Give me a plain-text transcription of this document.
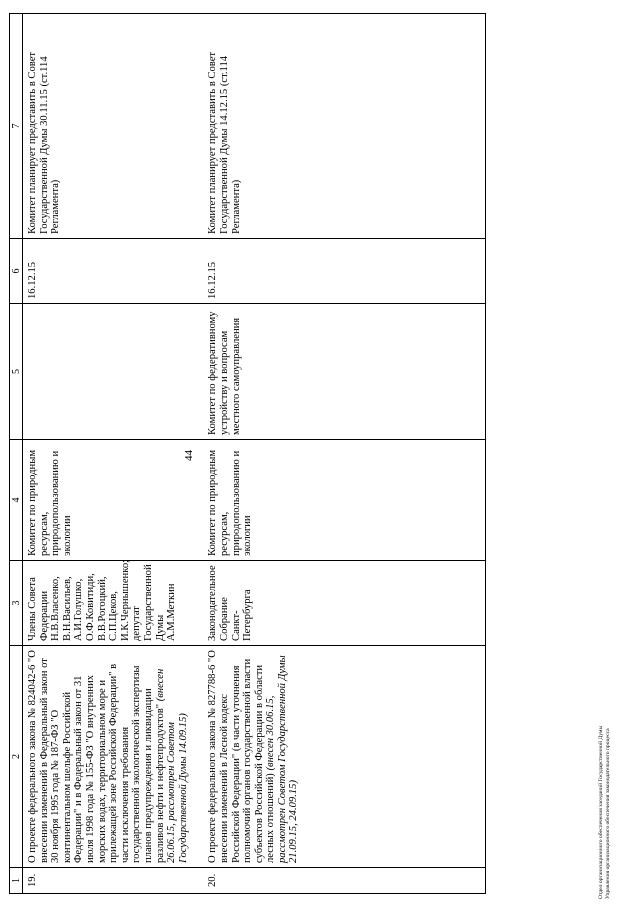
44
1	2	3	4	5	6	7
19.	О проекте федерального закона № 824042-6 "О внесении изменений в Федеральный закон от 30 ноября 1995 года № 187-ФЗ "О континентальном шельфе Российской Федерации" и в Федеральный закон от 31 июля 1998 года № 155-ФЗ "О внутренних морских водах, территориальном море и прилежащей зоне Российской Федерации" в части исключения требования государственной экологической экспертизы планов предупреждения и ликвидации разливов нефти и нефтепродуктов" (внесен 26.06.15, рассмотрен Советом Государственной Думы 14.09.15)	Члены Совета Федерации Н.В.Власенко, В.Н.Васильев, А.И.Голушко, О.Ф.Ковитиди, В.В.Рогоцкий, С.П.Цеков, И.К.Чернышенко; депутат Государственной Думы А.М.Меткин	Комитет по природным ресурсам, природопользованию и экологии		16.12.15	Комитет планирует представить в Совет Государственной Думы 30.11.15 (ст.114 Регламента)
20.	О проекте федерального закона № 827788-6 "О внесении изменений в Лесной кодекс Российской Федерации" (в части уточнения полномочий органов государственной власти субъектов Российской Федерации в области лесных отношений) (внесен 30.06.15, рассмотрен Советом Государственной Думы 21.09.15, 24.09.15)	Законодательное Собрание Санкт-Петербурга	Комитет по природным ресурсам, природопользованию и экологии	Комитет по федеративному устройству и вопросам местного самоуправления	16.12.15	Комитет планирует представить в Совет Государственной Думы 14.12.15 (ст.114 Регламента)

Отдел организационного обеспечения заседаний Государственной Думы Управления организационного обеспечения законодательного процесса
